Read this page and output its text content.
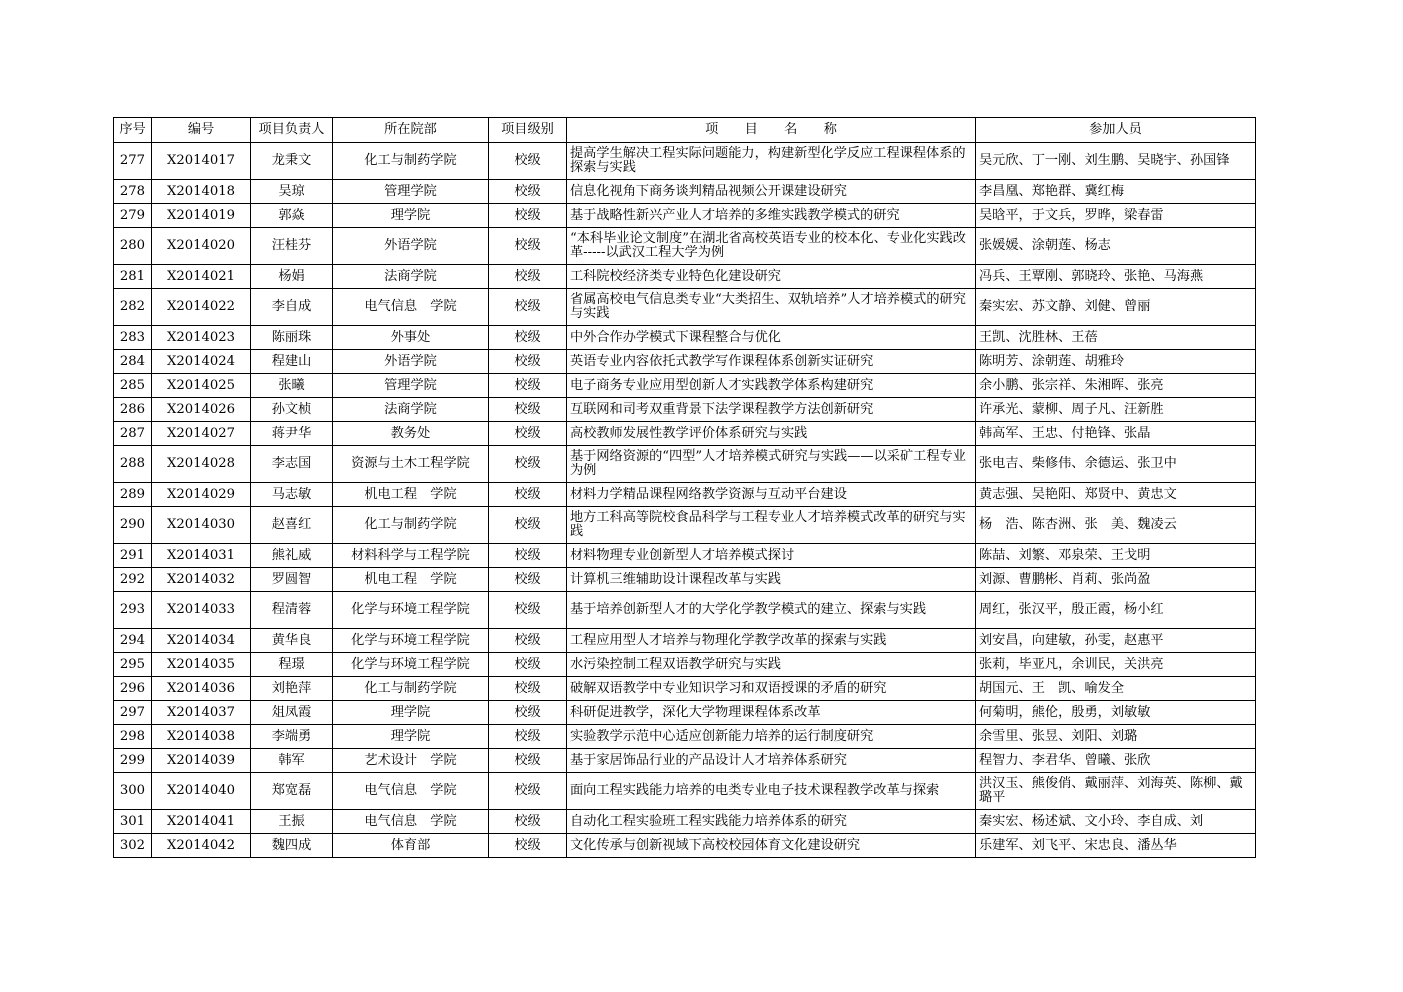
序号	编号	项目负责人	所在院部	项目级别	项　　目　　名　　称	参加人员
277	X2014017	龙秉文	化工与制药学院	校级	提高学生解决工程实际问题能力，构建新型化学反应工程课程体系的探索与实践	吴元欣、丁一刚、刘生鹏、吴晓宇、孙国锋
278	X2014018	吴琼	管理学院	校级	信息化视角下商务谈判精品视频公开课建设研究	李昌凰、郑艳群、冀红梅
279	X2014019	郭焱	理学院	校级	基于战略性新兴产业人才培养的多维实践教学模式的研究	吴晗平，于文兵，罗晔，梁春雷
280	X2014020	汪桂芬	外语学院	校级	“本科毕业论文制度”在湖北省高校英语专业的校本化、专业化实践改革-----以武汉工程大学为例	张媛媛、涂朝莲、杨志
281	X2014021	杨娟	法商学院	校级	工科院校经济类专业特色化建设研究	冯兵、王覃刚、郭晓玲、张艳、马海燕
282	X2014022	李自成	电气信息　学院	校级	省属高校电气信息类专业“大类招生、双轨培养”人才培养模式的研究与实践	秦实宏、苏文静、刘健、曾丽
283	X2014023	陈丽珠	外事处	校级	中外合作办学模式下课程整合与优化	王凯、沈胜林、王蓓
284	X2014024	程建山	外语学院	校级	英语专业内容依托式教学写作课程体系创新实证研究	陈明芳、涂朝莲、胡雅玲
285	X2014025	张曦	管理学院	校级	电子商务专业应用型创新人才实践教学体系构建研究	余小鹏、张宗祥、朱湘晖、张亮
286	X2014026	孙文桢	法商学院	校级	互联网和司考双重背景下法学课程教学方法创新研究	许承光、蒙柳、周子凡、汪新胜
287	X2014027	蒋尹华	教务处	校级	高校教师发展性教学评价体系研究与实践	韩高军、王忠、付艳锋、张晶
288	X2014028	李志国	资源与土木工程学院	校级	基于网络资源的“四型”人才培养模式研究与实践——以采矿工程专业为例	张电吉、柴修伟、余德运、张卫中
289	X2014029	马志敏	机电工程　学院	校级	材料力学精品课程网络教学资源与互动平台建设	黄志强、吴艳阳、郑贤中、黄忠文
290	X2014030	赵喜红	化工与制药学院	校级	地方工科高等院校食品科学与工程专业人才培养模式改革的研究与实践	杨　浩、陈杏洲、张　美、魏凌云
291	X2014031	熊礼威	材料科学与工程学院	校级	材料物理专业创新型人才培养模式探讨	陈喆、刘繁、邓泉荣、王戈明
292	X2014032	罗圆智	机电工程　学院	校级	计算机三维辅助设计课程改革与实践	刘源、曹鹏彬、肖莉、张尚盈
293	X2014033	程清蓉	化学与环境工程学院	校级	基于培养创新型人才的大学化学教学模式的建立、探索与实践	周红，张汉平，殷正霞，杨小红
294	X2014034	黄华良	化学与环境工程学院	校级	工程应用型人才培养与物理化学教学改革的探索与实践	刘安昌，向建敏，孙雯，赵惠平
295	X2014035	程璟	化学与环境工程学院	校级	水污染控制工程双语教学研究与实践	张莉，毕亚凡，余训民，关洪亮
296	X2014036	刘艳萍	化工与制药学院	校级	破解双语教学中专业知识学习和双语授课的矛盾的研究	胡国元、王　凯、喻发全
297	X2014037	俎凤霞	理学院	校级	科研促进教学，深化大学物理课程体系改革	何菊明，熊伦，殷勇，刘敏敏
298	X2014038	李端勇	理学院	校级	实验教学示范中心适应创新能力培养的运行制度研究	余雪里、张昱、刘阳、刘璐
299	X2014039	韩军	艺术设计　学院	校级	基于家居饰品行业的产品设计人才培养体系研究	程智力、李君华、曾曦、张欣
300	X2014040	郑宽磊	电气信息　学院	校级	面向工程实践能力培养的电类专业电子技术课程教学改革与探索	洪汉玉、熊俊俏、戴丽萍、刘海英、陈柳、戴璐平
301	X2014041	王振	电气信息　学院	校级	自动化工程实验班工程实践能力培养体系的研究	秦实宏、杨述斌、文小玲、李自成、刘
302	X2014042	魏四成	体育部	校级	文化传承与创新视域下高校校园体育文化建设研究	乐建军、刘飞平、宋忠良、潘丛华
